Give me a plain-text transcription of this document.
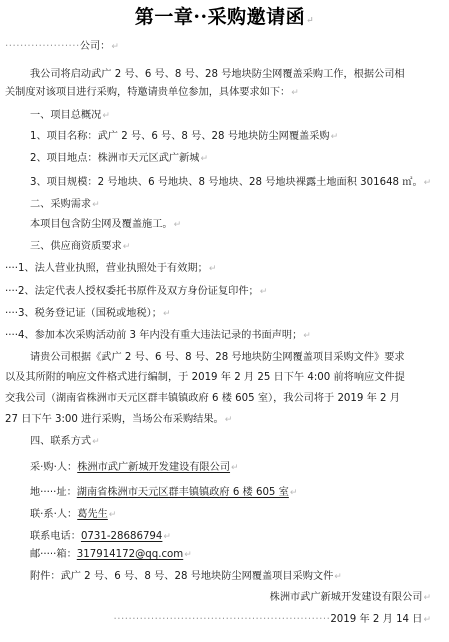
第一章··采购邀请函↵
····················公司：↵
我公司将启动武广 2 号、6 号、8 号、28 号地块防尘网覆盖采购工作，根据公司相
关制度对该项目进行采购，特邀请贵单位参加，具体要求如下：↵
一、项目总概况↵
1、项目名称：武广 2 号、6 号、8 号、28 号地块防尘网覆盖采购↵
2、项目地点：株洲市天元区武广新城↵
3、项目规模：2 号地块、6 号地块、8 号地块、28 号地块裸露土地面积 301648 ㎡。↵
二、采购需求↵
本项目包含防尘网及覆盖施工。↵
三、供应商资质要求↵
····1、法人营业执照，营业执照处于有效期；↵
····2、法定代表人授权委托书原件及双方身份证复印件；↵
····3、税务登记证（国税或地税）；↵
····4、参加本次采购活动前 3 年内没有重大违法记录的书面声明；↵
请贵公司根据《武广 2 号、6 号、8 号、28 号地块防尘网覆盖项目采购文件》要求
以及其所附的响应文件格式进行编制，于 2019 年 2 月 25 日下午 4:00 前将响应文件提
交我公司（湖南省株洲市天元区群丰镇镇政府 6 楼 605 室），我公司将于 2019 年 2 月
27 日下午 3:00 进行采购，当场公布采购结果。↵
四、联系方式↵
采·购·人：株洲市武广新城开发建设有限公司↵
地·····址：湖南省株洲市天元区群丰镇镇政府 6 楼 605 室↵
联·系·人：葛先生↵
联系电话：0731-28686794↵
邮·····箱：317914172@qq.com↵
附件：武广 2 号、6 号、8 号、28 号地块防尘网覆盖项目采购文件↵
株洲市武广新城开发建设有限公司↵
··························································2019 年 2 月 14 日↵
